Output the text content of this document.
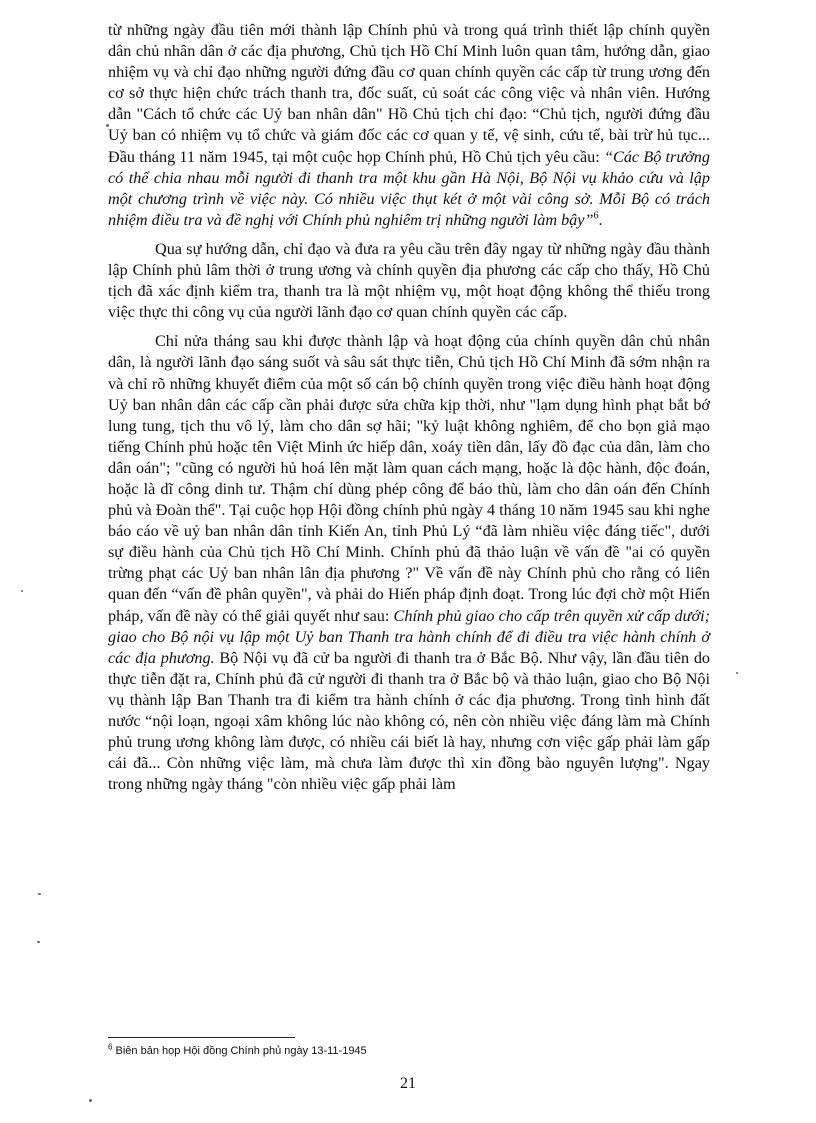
từ những ngày đầu tiên mới thành lập Chính phủ và trong quá trình thiết lập chính quyền dân chủ nhân dân ở các địa phương, Chủ tịch Hồ Chí Minh luôn quan tâm, hướng dẫn, giao nhiệm vụ và chỉ đạo những người đứng đầu cơ quan chính quyền các cấp từ trung ương đến cơ sở thực hiện chức trách thanh tra, đốc suất, củ soát các công việc và nhân viên. Hướng dẫn "Cách tổ chức các Uỷ ban nhân dân" Hồ Chủ tịch chỉ đạo: “Chủ tịch, người đứng đầu Uỷ ban có nhiệm vụ tổ chức và giám đốc các cơ quan y tế, vệ sinh, cứu tế, bài trừ hủ tục... Đầu tháng 11 năm 1945, tại một cuộc họp Chính phủ, Hồ Chủ tịch yêu cầu: “Các Bộ trưởng có thể chia nhau mỗi người đi thanh tra một khu gần Hà Nội, Bộ Nội vụ khảo cứu và lập một chương trình về việc này. Có nhiều việc thụt két ở một vài công sở. Mỗi Bộ có trách nhiệm điều tra và đề nghị với Chính phủ nghiêm trị những người làm bậy”$^6$.

Qua sự hướng dẫn, chỉ đạo và đưa ra yêu cầu trên đây ngay từ những ngày đầu thành lập Chính phủ lâm thời ở trung ương và chính quyền địa phương các cấp cho thấy, Hồ Chủ tịch đã xác định kiểm tra, thanh tra là một nhiệm vụ, một hoạt động không thể thiếu trong việc thực thi công vụ của người lãnh đạo cơ quan chính quyền các cấp.

Chỉ nửa tháng sau khi được thành lập và hoạt động của chính quyền dân chủ nhân dân, là người lãnh đạo sáng suốt và sâu sát thực tiễn, Chủ tịch Hồ Chí Minh đã sớm nhận ra và chỉ rõ những khuyết điểm của một số cán bộ chính quyền trong việc điều hành hoạt động Uỷ ban nhân dân các cấp cần phải được sửa chữa kịp thời, như "lạm dụng hình phạt bắt bớ lung tung, tịch thu vô lý, làm cho dân sợ hãi; "kỷ luật không nghiêm, để cho bọn giả mạo tiếng Chính phủ hoặc tên Việt Minh ức hiếp dân, xoáy tiền dân, lấy đồ đạc của dân, làm cho dân oán"; "cũng có người hủ hoá lên mặt làm quan cách mạng, hoặc là độc hành, độc đoán, hoặc là dĩ công dinh tư. Thậm chí dùng phép công để báo thù, làm cho dân oán đến Chính phủ và Đoàn thể". Tại cuộc họp Hội đồng chính phủ ngày 4 tháng 10 năm 1945 sau khi nghe báo cáo về uỷ ban nhân dân tỉnh Kiến An, tỉnh Phủ Lý “đã làm nhiều việc đáng tiếc", dưới sự điều hành của Chủ tịch Hồ Chí Minh. Chính phủ đã thảo luận về vấn đề "ai có quyền trừng phạt các Uỷ ban nhân lân địa phương ?" Về vấn đề này Chính phủ cho rằng có liên quan đến “vấn đề phân quyền", và phải do Hiến pháp định đoạt. Trong lúc đợi chờ một Hiến pháp, vấn đề này có thể giải quyết như sau: Chính phủ giao cho cấp trên quyền xử cấp dưới; giao cho Bộ nội vụ lập một Uỷ ban Thanh tra hành chính để đi điều tra việc hành chính ở các địa phương. Bộ Nội vụ đã cử ba người đi thanh tra ở Bắc Bộ. Như vậy, lần đầu tiên do thực tiễn đặt ra, Chính phủ đã cử người đi thanh tra ở Bắc bộ và thảo luận, giao cho Bộ Nội vụ thành lập Ban Thanh tra đi kiểm tra hành chính ở các địa phương. Trong tình hình đất nước “nội loạn, ngoại xâm không lúc nào không có, nên còn nhiều việc đáng làm mà Chính phủ trung ương không làm được, có nhiều cái biết là hay, nhưng cơn việc gấp phải làm gấp cái đã... Còn những việc làm, mà chưa làm được thì xin đồng bào nguyên lượng". Ngay trong những ngày tháng "còn nhiều việc gấp phải làm

$^6$ Biên bản họp Hội đồng Chính phủ ngày 13-11-1945
21
